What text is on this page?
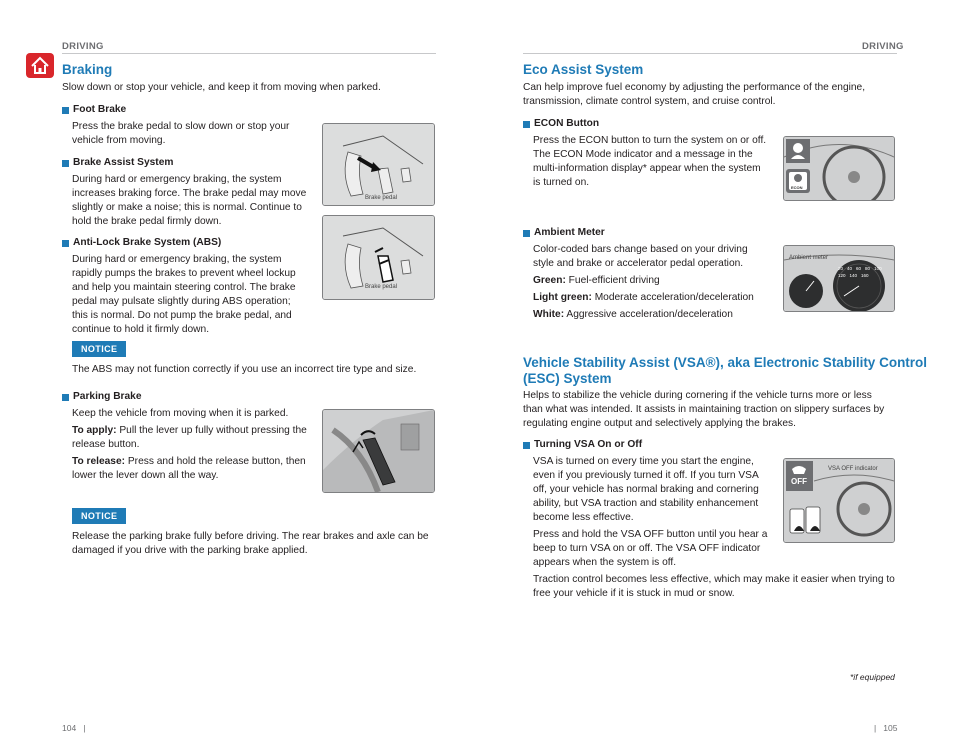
DRIVING
Braking
Slow down or stop your vehicle, and keep it from moving when parked.
Foot Brake
Press the brake pedal to slow down or stop your
vehicle from moving.
Brake Assist System
During hard or emergency braking, the system
increases braking force. The brake pedal may move
slightly or make a noise; this is normal. Continue to
hold the brake pedal firmly down.
Anti-Lock Brake System (ABS)
During hard or emergency braking, the system
rapidly pumps the brakes to prevent wheel lockup
and help you maintain steering control. The brake
pedal may pulsate slightly during ABS operation;
this is normal. Do not pump the brake pedal, and
continue to hold it firmly down.
Brake pedal
Brake pedal
NOTICE
The ABS may not function correctly if you use an incorrect tire type and size.
Parking Brake
Keep the vehicle from moving when it is parked.
To apply: Pull the lever up fully without pressing the
release button.
To release: Press and hold the release button, then
lower the lever down all the way.
NOTICE
Release the parking brake fully before driving. The rear brakes and axle can be
damaged if you drive with the parking brake applied.
104   |
DRIVING
Eco Assist System
Can help improve fuel economy by adjusting the performance of the engine,
transmission, climate control system, and cruise control.
ECON Button
Press the ECON button to turn the system on or off.
The ECON Mode indicator and a message in the
multi-information display* appear when the system
is turned on.	ECON
Ambient Meter
Color-coded bars change based on your driving
style and brake or accelerator pedal operation.
Green: Fuel-efficient driving
Light green: Moderate acceleration/deceleration
White: Aggressive acceleration/deceleration
Ambient meter
20 40 60 80 100
120 140 160
Vehicle Stability Assist (VSA®), aka Electronic Stability Control
(ESC) System
Helps to stabilize the vehicle during cornering if the vehicle turns more or less
than what was intended. It assists in maintaining traction on slippery surfaces by
regulating engine output and selectively applying the brakes.
Turning VSA On or Off
VSA is turned on every time you start the engine,
even if you previously turned it off. If you turn VSA
off, your vehicle has normal braking and cornering
ability, but VSA traction and stability enhancement
become less effective.
Press and hold the VSA OFF button until you hear a
beep to turn VSA on or off. The VSA OFF indicator
appears when the system is off.
Traction control becomes less effective, which may make it easier when trying to
free your vehicle if it is stuck in mud or snow.
OFF
VSA OFF indicator
*if equipped
|   105
